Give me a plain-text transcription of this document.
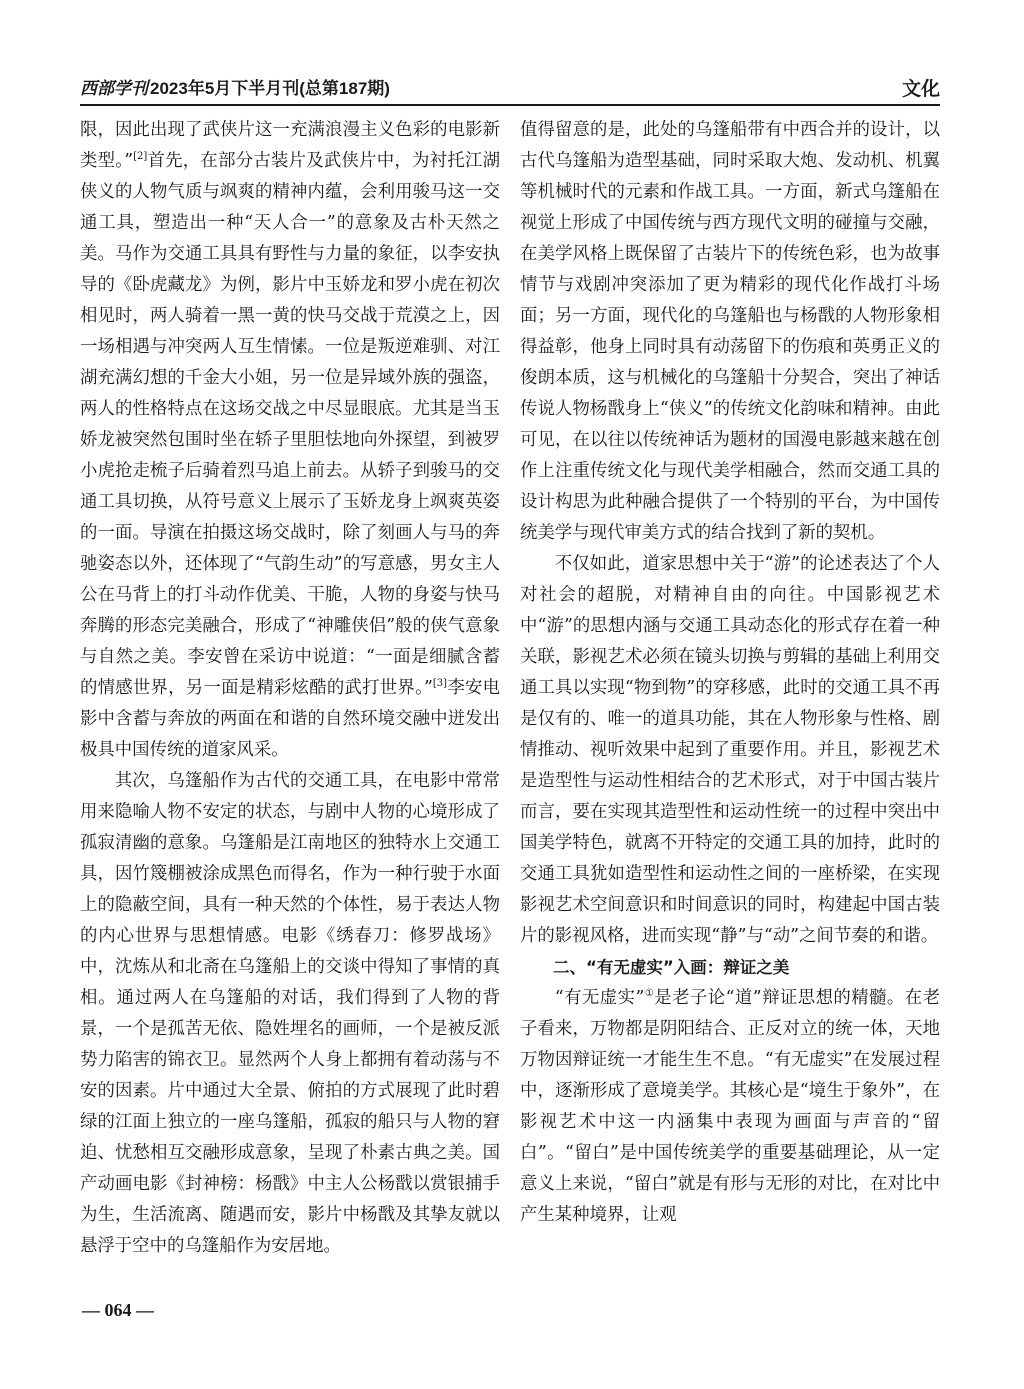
西部学刊 2023年5月下半月刊(总第187期)	文化

限，因此出现了武侠片这一充满浪漫主义色彩的电影新类型。”[2]首先，在部分古装片及武侠片中，为衬托江湖侠义的人物气质与飒爽的精神内蕴，会利用骏马这一交通工具，塑造出一种“天人合一”的意象及古朴天然之美。马作为交通工具具有野性与力量的象征，以李安执导的《卧虎藏龙》为例，影片中玉娇龙和罗小虎在初次相见时，两人骑着一黑一黄的快马交战于荒漠之上，因一场相遇与冲突两人互生情愫。一位是叛逆难驯、对江湖充满幻想的千金大小姐，另一位是异域外族的强盗，两人的性格特点在这场交战之中尽显眼底。尤其是当玉娇龙被突然包围时坐在轿子里胆怯地向外探望，到被罗小虎抢走梳子后骑着烈马追上前去。从轿子到骏马的交通工具切换，从符号意义上展示了玉娇龙身上飒爽英姿的一面。导演在拍摄这场交战时，除了刻画人与马的奔驰姿态以外，还体现了“气韵生动”的写意感，男女主人公在马背上的打斗动作优美、干脆，人物的身姿与快马奔腾的形态完美融合，形成了“神雕侠侣”般的侠气意象与自然之美。李安曾在采访中说道：“一面是细腻含蓄的情感世界，另一面是精彩炫酷的武打世界。”[3]李安电影中含蓄与奔放的两面在和谐的自然环境交融中迸发出极具中国传统的道家风采。

其次，乌篷船作为古代的交通工具，在电影中常常用来隐喻人物不安定的状态，与剧中人物的心境形成了孤寂清幽的意象。乌篷船是江南地区的独特水上交通工具，因竹篾棚被涂成黑色而得名，作为一种行驶于水面上的隐蔽空间，具有一种天然的个体性，易于表达人物的内心世界与思想情感。电影《绣春刀：修罗战场》中，沈炼从和北斋在乌篷船上的交谈中得知了事情的真相。通过两人在乌篷船的对话，我们得到了人物的背景，一个是孤苦无依、隐姓埋名的画师，一个是被反派势力陷害的锦衣卫。显然两个人身上都拥有着动荡与不安的因素。片中通过大全景、俯拍的方式展现了此时碧绿的江面上独立的一座乌篷船，孤寂的船只与人物的窘迫、忧愁相互交融形成意象，呈现了朴素古典之美。国产动画电影《封神榜：杨戬》中主人公杨戬以赏银捕手为生，生活流离、随遇而安，影片中杨戬及其挚友就以悬浮于空中的乌篷船作为安居地。

值得留意的是，此处的乌篷船带有中西合并的设计，以古代乌篷船为造型基础，同时采取大炮、发动机、机翼等机械时代的元素和作战工具。一方面，新式乌篷船在视觉上形成了中国传统与西方现代文明的碰撞与交融，在美学风格上既保留了古装片下的传统色彩，也为故事情节与戏剧冲突添加了更为精彩的现代化作战打斗场面；另一方面，现代化的乌篷船也与杨戬的人物形象相得益彰，他身上同时具有动荡留下的伤痕和英勇正义的俊朗本质，这与机械化的乌篷船十分契合，突出了神话传说人物杨戬身上“侠义”的传统文化韵味和精神。由此可见，在以往以传统神话为题材的国漫电影越来越在创作上注重传统文化与现代美学相融合，然而交通工具的设计构思为此种融合提供了一个特别的平台，为中国传统美学与现代审美方式的结合找到了新的契机。

不仅如此，道家思想中关于“游”的论述表达了个人对社会的超脱，对精神自由的向往。中国影视艺术中“游”的思想内涵与交通工具动态化的形式存在着一种关联，影视艺术必须在镜头切换与剪辑的基础上利用交通工具以实现“物到物”的穿移感，此时的交通工具不再是仅有的、唯一的道具功能，其在人物形象与性格、剧情推动、视听效果中起到了重要作用。并且，影视艺术是造型性与运动性相结合的艺术形式，对于中国古装片而言，要在实现其造型性和运动性统一的过程中突出中国美学特色，就离不开特定的交通工具的加持，此时的交通工具犹如造型性和运动性之间的一座桥梁，在实现影视艺术空间意识和时间意识的同时，构建起中国古装片的影视风格，进而实现“静”与“动”之间节奏的和谐。

二、“有无虚实”入画：辩证之美

“有无虚实”①是老子论“道”辩证思想的精髓。在老子看来，万物都是阴阳结合、正反对立的统一体，天地万物因辩证统一才能生生不息。“有无虚实”在发展过程中，逐渐形成了意境美学。其核心是“境生于象外”，在影视艺术中这一内涵集中表现为画面与声音的“留白”。“留白”是中国传统美学的重要基础理论，从一定意义上来说，“留白”就是有形与无形的对比，在对比中产生某种境界，让观

— 064 —
